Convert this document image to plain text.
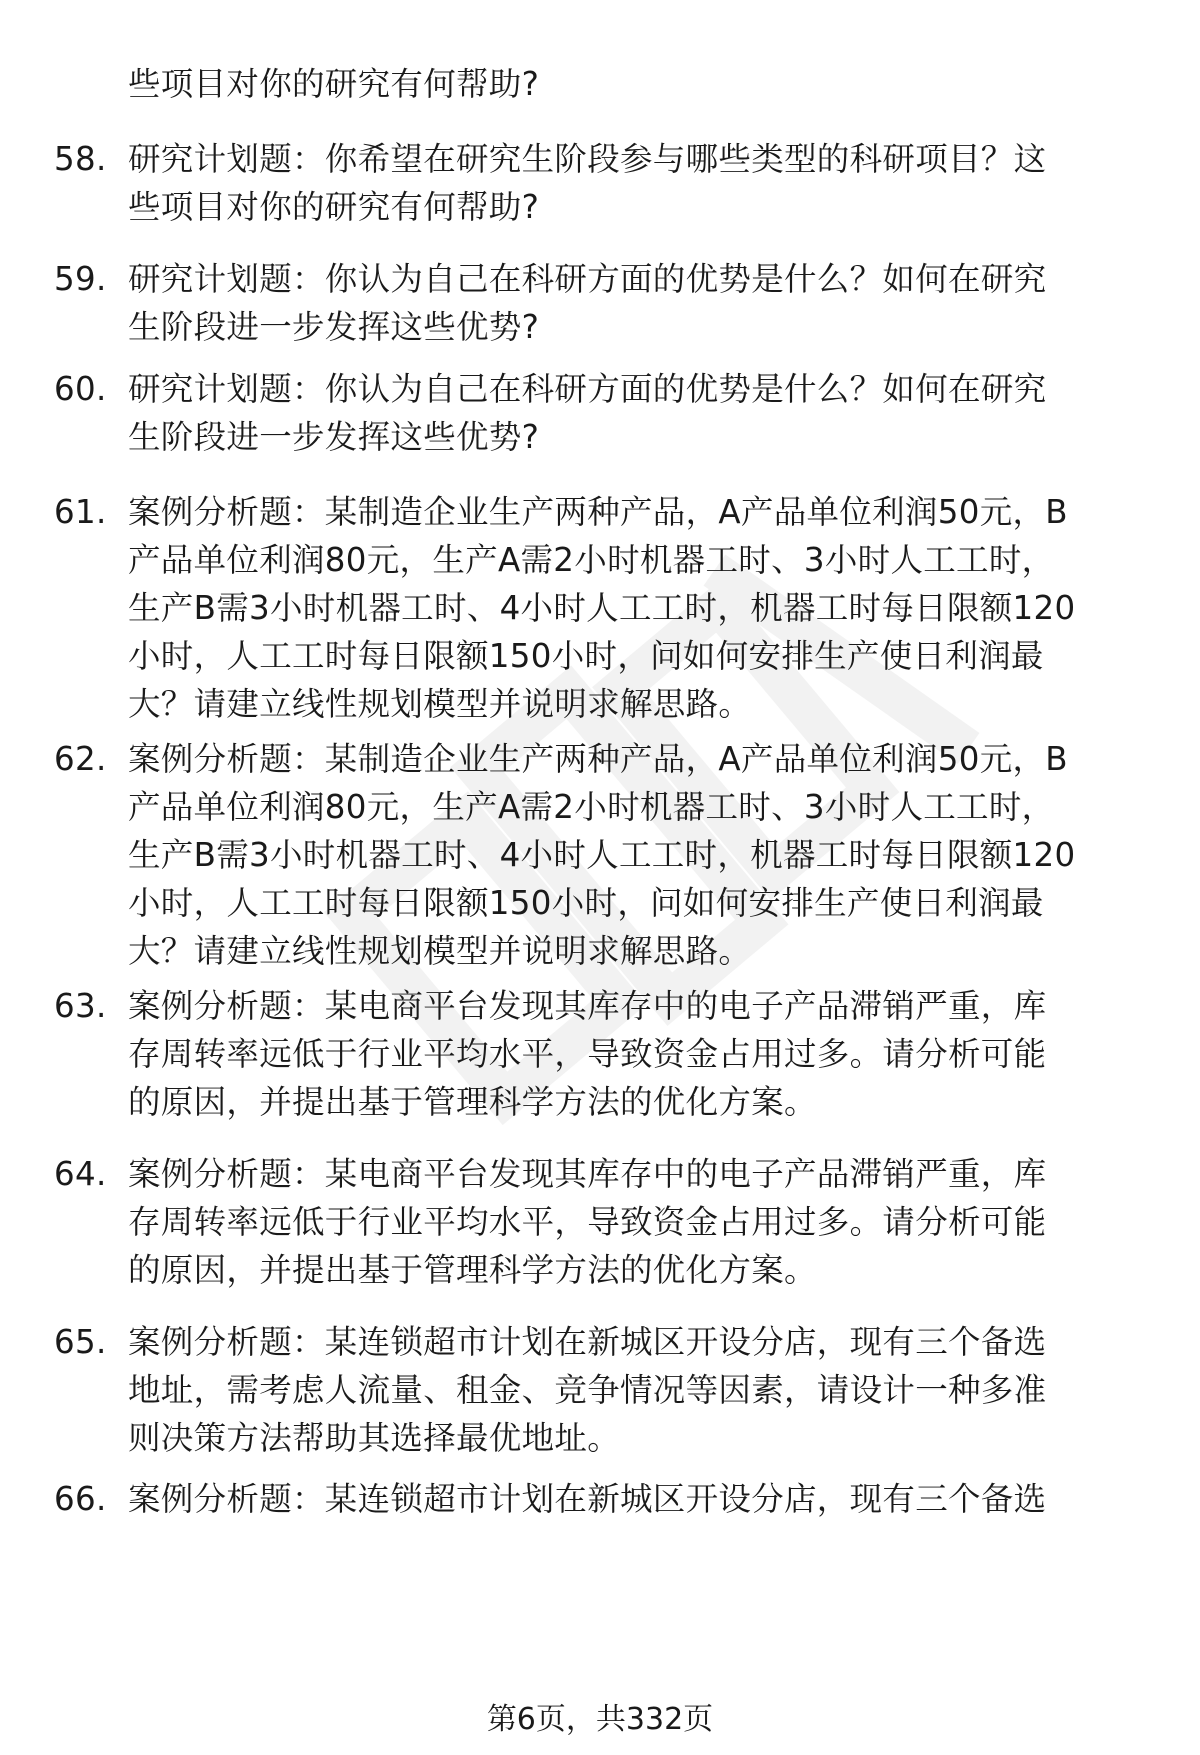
些项目对你的研究有何帮助?
58. 研究计划题：你希望在研究生阶段参与哪些类型的科研项目？这
些项目对你的研究有何帮助?
59. 研究计划题：你认为自己在科研方面的优势是什么？如何在研究
生阶段进一步发挥这些优势?
60. 研究计划题：你认为自己在科研方面的优势是什么？如何在研究
生阶段进一步发挥这些优势?
61. 案例分析题：某制造企业生产两种产品，A产品单位利润50元，B
产品单位利润80元，生产A需2小时机器工时、3小时人工工时，
生产B需3小时机器工时、4小时人工工时，机器工时每日限额120
小时，人工工时每日限额150小时，问如何安排生产使日利润最
大？请建立线性规划模型并说明求解思路。
62. 案例分析题：某制造企业生产两种产品，A产品单位利润50元，B
产品单位利润80元，生产A需2小时机器工时、3小时人工工时，
生产B需3小时机器工时、4小时人工工时，机器工时每日限额120
小时，人工工时每日限额150小时，问如何安排生产使日利润最
大？请建立线性规划模型并说明求解思路。
63. 案例分析题：某电商平台发现其库存中的电子产品滞销严重，库
存周转率远低于行业平均水平，导致资金占用过多。请分析可能
的原因，并提出基于管理科学方法的优化方案。
64. 案例分析题：某电商平台发现其库存中的电子产品滞销严重，库
存周转率远低于行业平均水平，导致资金占用过多。请分析可能
的原因，并提出基于管理科学方法的优化方案。
65. 案例分析题：某连锁超市计划在新城区开设分店，现有三个备选
地址，需考虑人流量、租金、竞争情况等因素，请设计一种多准
则决策方法帮助其选择最优地址。
66. 案例分析题：某连锁超市计划在新城区开设分店，现有三个备选
第6页，共332页
